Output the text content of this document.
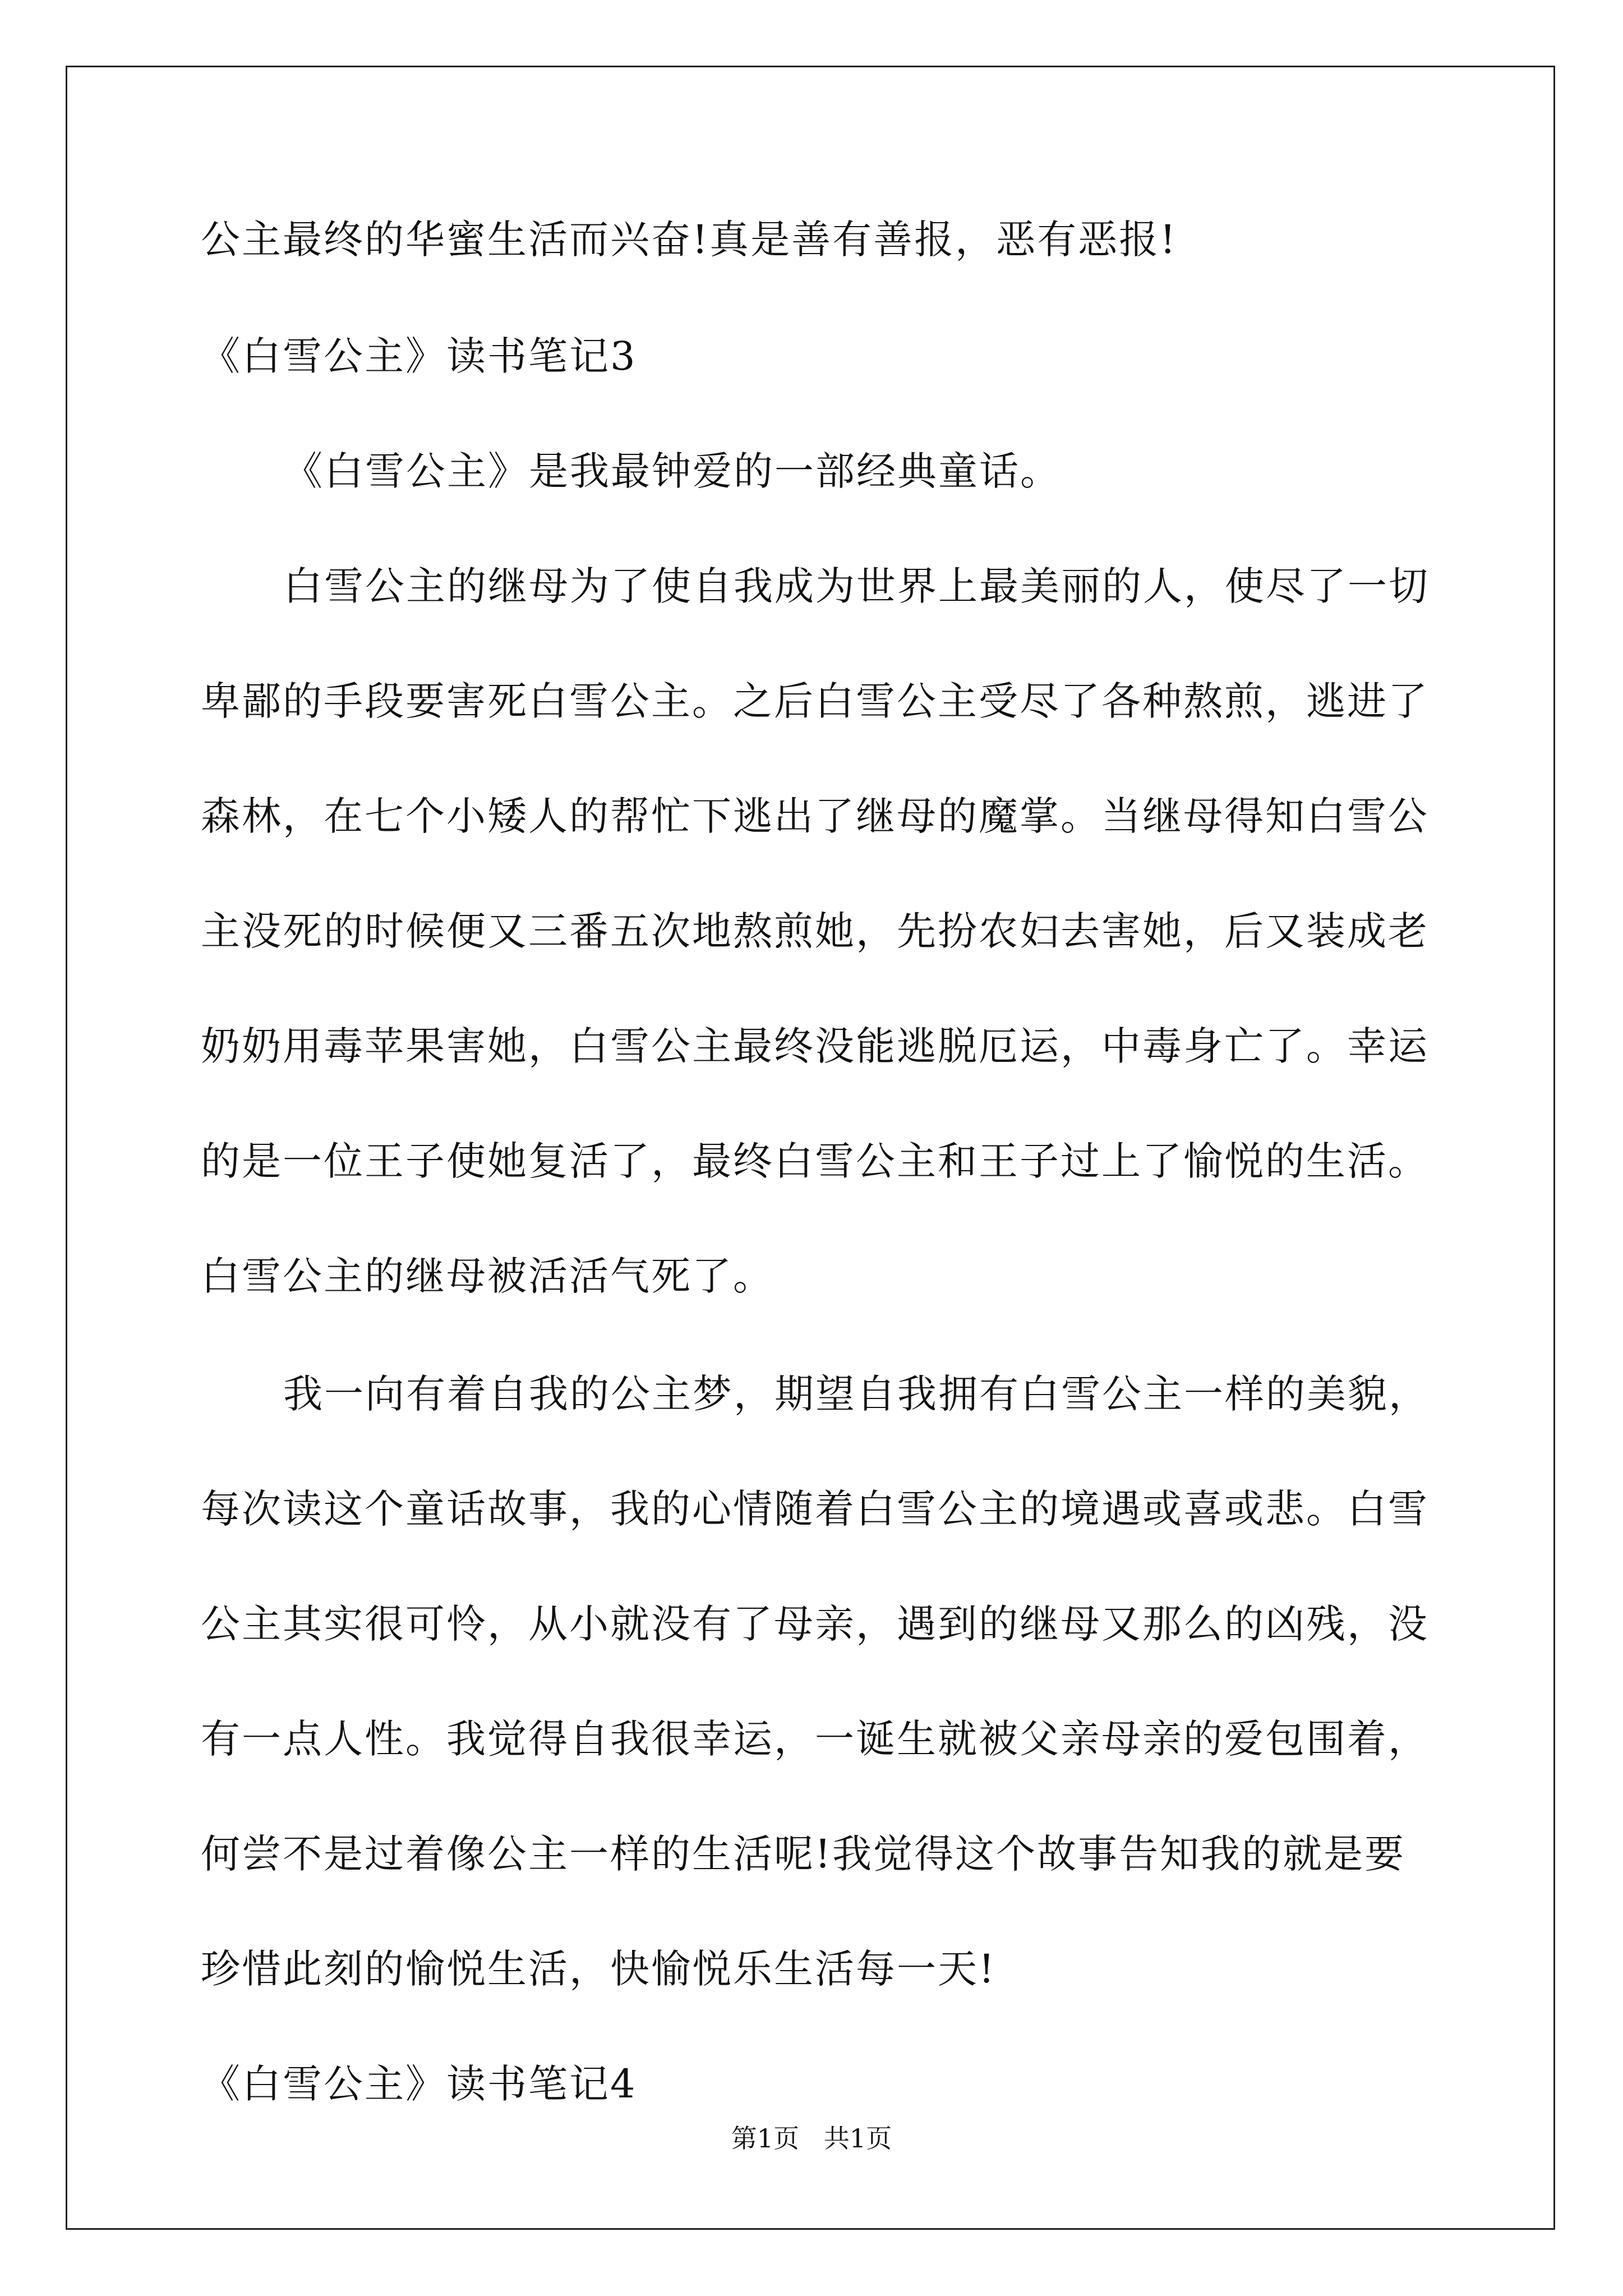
第1页   共1页
公主最终的华蜜生活而兴奋!真是善有善报，恶有恶报!
《白雪公主》读书笔记3
《白雪公主》是我最钟爱的一部经典童话。
白雪公主的继母为了使自我成为世界上最美丽的人，使尽了一切
卑鄙的手段要害死白雪公主。之后白雪公主受尽了各种熬煎，逃进了
森林，在七个小矮人的帮忙下逃出了继母的魔掌。当继母得知白雪公
主没死的时候便又三番五次地熬煎她，先扮农妇去害她，后又装成老
奶奶用毒苹果害她，白雪公主最终没能逃脱厄运，中毒身亡了。幸运
的是一位王子使她复活了，最终白雪公主和王子过上了愉悦的生活。
白雪公主的继母被活活气死了。
我一向有着自我的公主梦，期望自我拥有白雪公主一样的美貌，
每次读这个童话故事，我的心情随着白雪公主的境遇或喜或悲。白雪
公主其实很可怜，从小就没有了母亲，遇到的继母又那么的凶残，没
有一点人性。我觉得自我很幸运，一诞生就被父亲母亲的爱包围着，
何尝不是过着像公主一样的生活呢!我觉得这个故事告知我的就是要
珍惜此刻的愉悦生活，快愉悦乐生活每一天!
《白雪公主》读书笔记4
